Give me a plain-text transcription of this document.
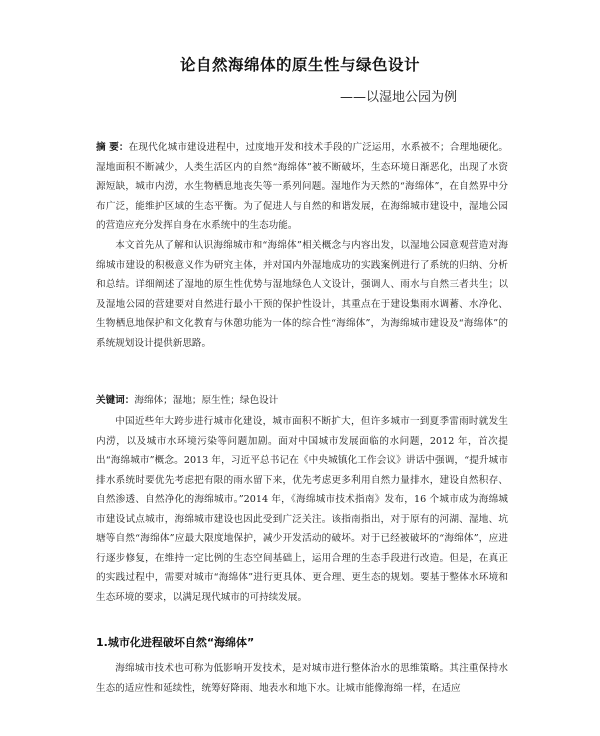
论自然海绵体的原生性与绿色设计
——以湿地公园为例

摘 要：在现代化城市建设进程中，过度地开发和技术手段的广泛运用，水系被不；合理地硬化。湿地面积不断减少，人类生活区内的自然“海绵体”被不断破坏，生态环境日渐恶化，出现了水资源短缺，城市内涝，水生物栖息地丧失等一系列问题。湿地作为天然的“海绵体”，在自然界中分布广泛，能维护区域的生态平衡。为了促进人与自然的和谐发展，在海绵城市建设中，湿地公园的营造应充分发挥自身在水系统中的生态功能。

本文首先从了解和认识海绵城市和“海绵体”相关概念与内容出发，以湿地公园意观营造对海绵城市建设的积极意义作为研究主体，并对国内外湿地成功的实践案例进行了系统的归纳、分析和总结。详细阐述了湿地的原生性优势与湿地绿色人文设计，强调人、雨水与自然三者共生；以及湿地公园的营建要对自然进行最小干预的保护性设计，其重点在于建设集雨水调蓄、水净化、生物栖息地保护和文化教育与休憩功能为一体的综合性“海绵体”，为海绵城市建设及“海绵体”的系统规划设计提供新思路。

关键词：海绵体；湿地；原生性；绿色设计

中国近些年大跨步进行城市化建设，城市面积不断扩大，但许多城市一到夏季雷雨时就发生内涝，以及城市水环境污染等问题加剧。面对中国城市发展面临的水问题，2012 年，首次提出“海绵城市”概念。2013 年，习近平总书记在《中央城镇化工作会议》讲话中强调，“提升城市排水系统时要优先考虑把有限的雨水留下来，优先考虑更多利用自然力量排水，建设自然积存、自然渗透、自然净化的海绵城市。”2014 年，《海绵城市技术指南》发布，16 个城市成为海绵城市建设试点城市，海绵城市建设也因此受到广泛关注。该指南指出，对于原有的河湖、湿地、坑塘等自然“海绵体”应最大限度地保护，减少开发活动的破坏。对于已经被破坏的“海绵体”，应进行逐步修复，在维持一定比例的生态空间基础上，运用合理的生态手段进行改造。但是，在真正的实践过程中，需要对城市“海绵体”进行更具体、更合理、更生态的规划。要基于整体水环境和生态环境的要求，以满足现代城市的可持续发展。

1.城市化进程破坏自然“海绵体”

海绵城市技术也可称为低影响开发技术，是对城市进行整体治水的思维策略。其注重保持水生态的适应性和延续性，统筹好降雨、地表水和地下水。让城市能像海绵一样，在适应
